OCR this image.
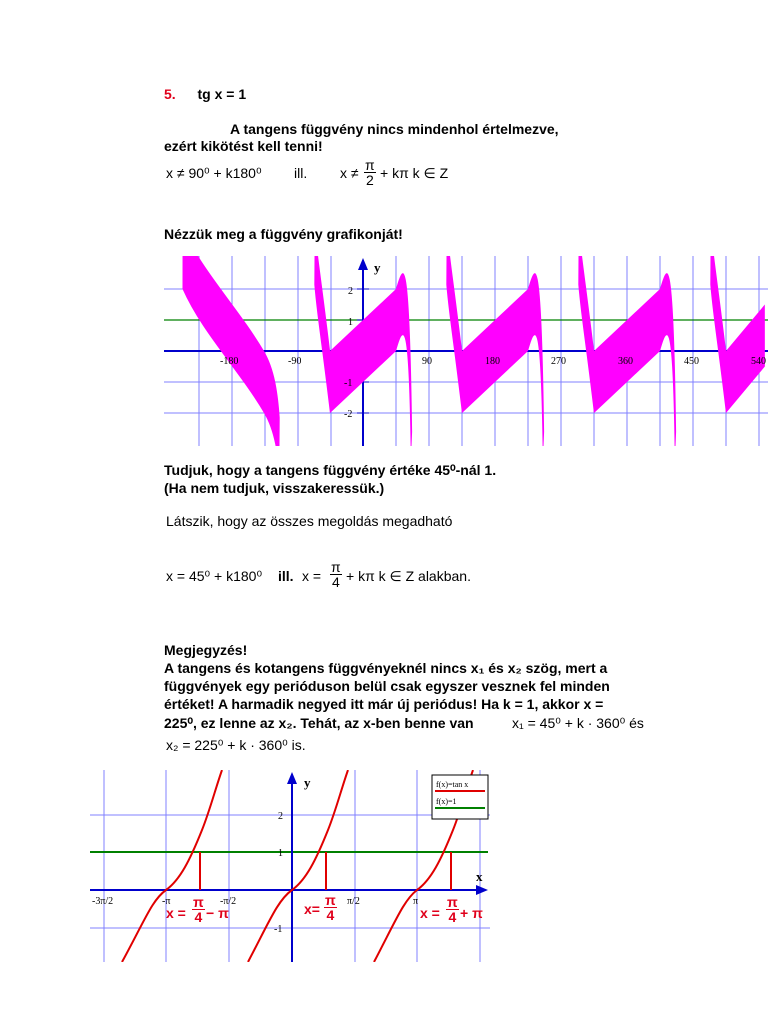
5. tg x = 1
A tangens függvény nincs mindenhol értelmezve,
ezért kikötést kell tenni!
x ≠ 90⁰ + k180⁰ ill. $x \ne \frac{\pi}{2} + k\pi$ k ∈ Z
Nézzük meg a függvény grafikonját!
y
2
1
-1
-2
-180	-90	90	180	270	360	450	540
Tudjuk, hogy a tangens függvény értéke 45⁰-nál 1.
(Ha nem tudjuk, visszakeressük.)
Látszik, hogy az összes megoldás megadható
x = 45⁰ + k180⁰ ill. $x = \frac{\pi}{4} + k\pi$ k ∈ Z alakban.
Megjegyzés!
A tangens és kotangens függvényeknél nincs x₁ és x₂ szög, mert a
függvények egy perióduson belül csak egyszer vesznek fel minden
értéket! A harmadik negyed itt már új periódus! Ha k = 1, akkor x =
225⁰, ez lenne az x₂. Tehát, az x-ben benne van	x₁ = 45⁰ + k · 360⁰ és
x₂ = 225⁰ + k · 360⁰ is.
f(x)=tan x
f(x)=1
y
x
2
1
-1
-3π/2	-π	-π/2	π/2	π
$x = \frac{\pi}{4} - \pi$	$x= \frac{\pi}{4}$	$x = \frac{\pi}{4} + \pi$
